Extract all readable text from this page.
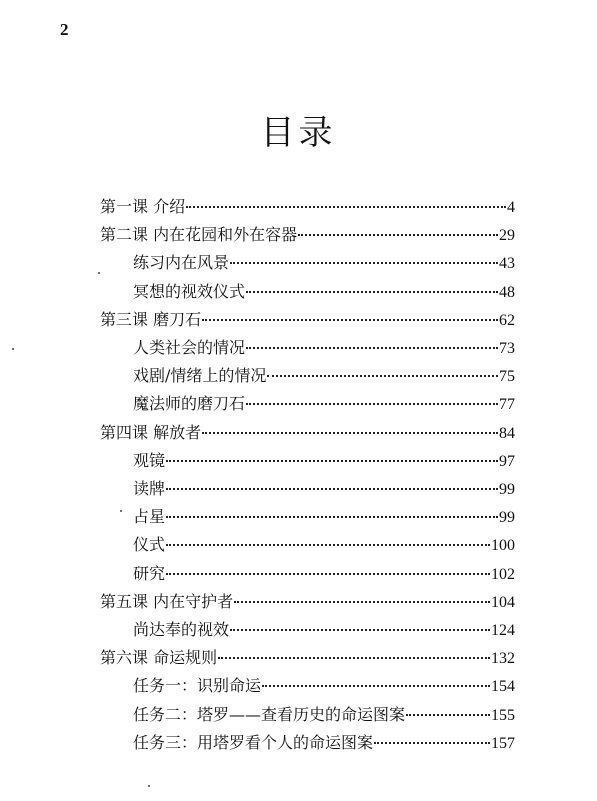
2
目录
第一课 介绍	4
第二课 内在花园和外在容器	29
练习内在风景	43
冥想的视效仪式	48
第三课 磨刀石	62
人类社会的情况	73
戏剧/情绪上的情况	75
魔法师的磨刀石	77
第四课 解放者	84
观镜	97
读牌	99
占星	99
仪式	100
研究	102
第五课 内在守护者	104
尚达奉的视效	124
第六课 命运规则	132
任务一：识别命运	154
任务二：塔罗——查看历史的命运图案	155
任务三：用塔罗看个人的命运图案	157
